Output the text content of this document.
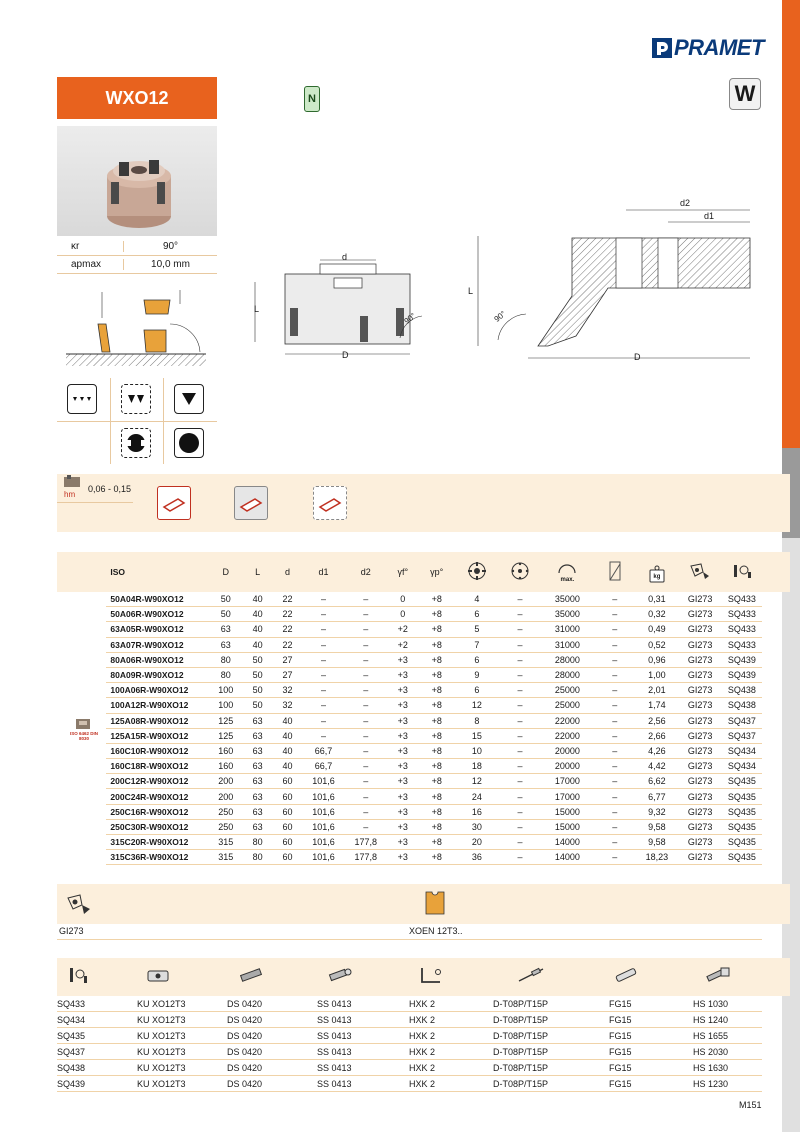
PRAMET
WXO12	N	W
κr	90°
apmax	10,0 mm
d
L
D
90°
L
D
d2
d1
90°
hm
0,06 - 0,15
	ISO	D	L	d	d1	d2	γf°	γp°			max.		kg

	50A04R-W90XO12	50	40	22	–	–	0	+8	4	–	35000	–	0,31	GI273	SQ433
	50A06R-W90XO12	50	40	22	–	–	0	+8	6	–	35000	–	0,32	GI273	SQ433
	63A05R-W90XO12	63	40	22	–	–	+2	+8	5	–	31000	–	0,49	GI273	SQ433
	63A07R-W90XO12	63	40	22	–	–	+2	+8	7	–	31000	–	0,52	GI273	SQ433
	80A06R-W90XO12	80	50	27	–	–	+3	+8	6	–	28000	–	0,96	GI273	SQ439
	80A09R-W90XO12	80	50	27	–	–	+3	+8	9	–	28000	–	1,00	GI273	SQ439
	100A06R-W90XO12	100	50	32	–	–	+3	+8	6	–	25000	–	2,01	GI273	SQ438
	100A12R-W90XO12	100	50	32	–	–	+3	+8	12	–	25000	–	1,74	GI273	SQ438
	125A08R-W90XO12	125	63	40	–	–	+3	+8	8	–	22000	–	2,56	GI273	SQ437
	125A15R-W90XO12	125	63	40	–	–	+3	+8	15	–	22000	–	2,66	GI273	SQ437
	160C10R-W90XO12	160	63	40	66,7	–	+3	+8	10	–	20000	–	4,26	GI273	SQ434
	160C18R-W90XO12	160	63	40	66,7	–	+3	+8	18	–	20000	–	4,42	GI273	SQ434
	200C12R-W90XO12	200	63	60	101,6	–	+3	+8	12	–	17000	–	6,62	GI273	SQ435
	200C24R-W90XO12	200	63	60	101,6	–	+3	+8	24	–	17000	–	6,77	GI273	SQ435
	250C16R-W90XO12	250	63	60	101,6	–	+3	+8	16	–	15000	–	9,32	GI273	SQ435
	250C30R-W90XO12	250	63	60	101,6	–	+3	+8	30	–	15000	–	9,58	GI273	SQ435
	315C20R-W90XO12	315	80	60	101,6	177,8	+3	+8	20	–	14000	–	9,58	GI273	SQ435
	315C36R-W90XO12	315	80	60	101,6	177,8	+3	+8	36	–	14000	–	18,23	GI273	SQ435
ISO 6462 DIN 8030
GI273	XOEN 12T3..
SQ433	KU XO12T3	DS 0420	SS 0413	HXK 2	D-T08P/T15P	FG15	HS 1030
SQ434	KU XO12T3	DS 0420	SS 0413	HXK 2	D-T08P/T15P	FG15	HS 1240
SQ435	KU XO12T3	DS 0420	SS 0413	HXK 2	D-T08P/T15P	FG15	HS 1655
SQ437	KU XO12T3	DS 0420	SS 0413	HXK 2	D-T08P/T15P	FG15	HS 2030
SQ438	KU XO12T3	DS 0420	SS 0413	HXK 2	D-T08P/T15P	FG15	HS 1630
SQ439	KU XO12T3	DS 0420	SS 0413	HXK 2	D-T08P/T15P	FG15	HS 1230
M151
